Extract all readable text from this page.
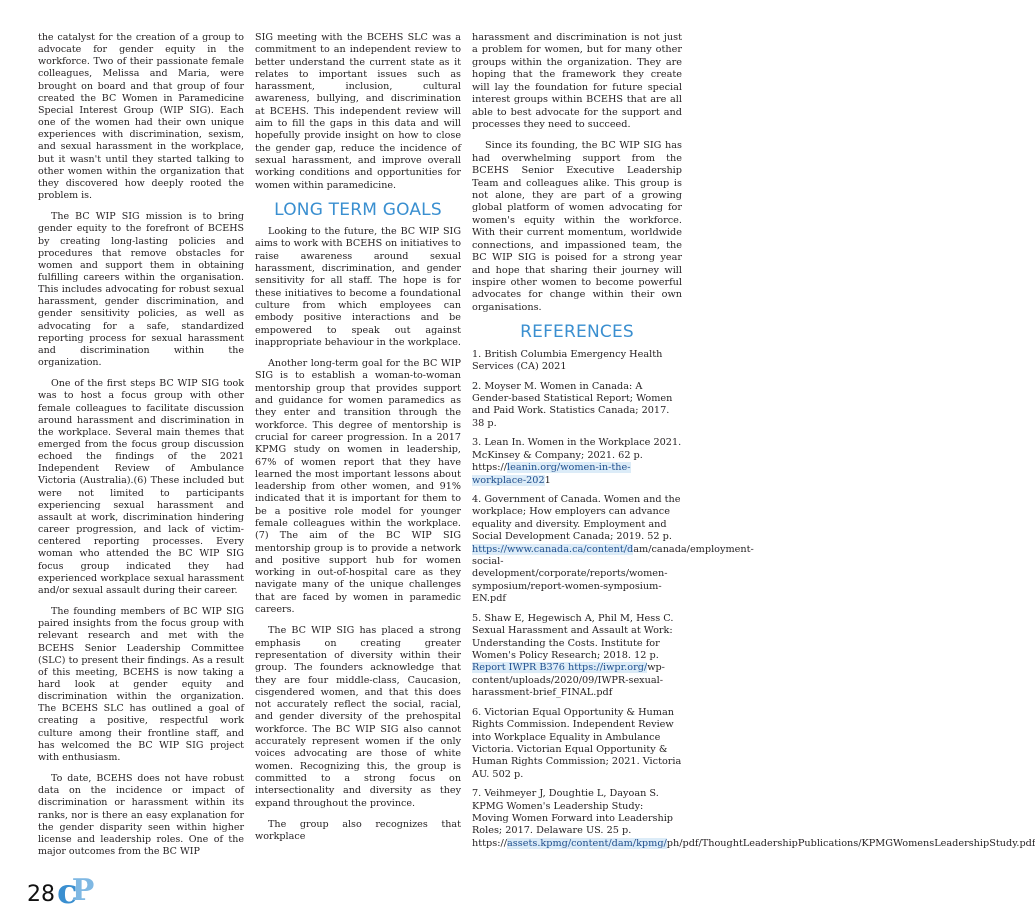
the catalyst for the creation of a group to advocate for gender equity in the workforce. Two of their passionate female colleagues, Melissa and Maria, were brought on board and that group of four created the BC Women in Paramedicine Special Interest Group (WIP SIG). Each one of the women had their own unique experiences with discrimination, sexism, and sexual harassment in the workplace, but it wasn't until they started talking to other women within the organization that they discovered how deeply rooted the problem is.

The BC WIP SIG mission is to bring gender equity to the forefront of BCEHS by creating long-lasting policies and procedures that remove obstacles for women and support them in obtaining fulfilling careers within the organisation. This includes advocating for robust sexual harassment, gender discrimination, and gender sensitivity policies, as well as advocating for a safe, standardized reporting process for sexual harassment and discrimination within the organization.

One of the first steps BC WIP SIG took was to host a focus group with other female colleagues to facilitate discussion around harassment and discrimination in the workplace. Several main themes that emerged from the focus group discussion echoed the findings of the 2021 Independent Review of Ambulance Victoria (Australia).(6) These included but were not limited to participants experiencing sexual harassment and assault at work, discrimination hindering career progression, and lack of victim-centered reporting processes. Every woman who attended the BC WIP SIG focus group indicated they had experienced workplace sexual harassment and/or sexual assault during their career.

The founding members of BC WIP SIG paired insights from the focus group with relevant research and met with the BCEHS Senior Leadership Committee (SLC) to present their findings. As a result of this meeting, BCEHS is now taking a hard look at gender equity and discrimination within the organization. The BCEHS SLC has outlined a goal of creating a positive, respectful work culture among their frontline staff, and has welcomed the BC WIP SIG project with enthusiasm.

To date, BCEHS does not have robust data on the incidence or impact of discrimination or harassment within its ranks, nor is there an easy explanation for the gender disparity seen within higher license and leadership roles. One of the major outcomes from the BC WIP

SIG meeting with the BCEHS SLC was a commitment to an independent review to better understand the current state as it relates to important issues such as harassment, inclusion, cultural awareness, bullying, and discrimination at BCEHS. This independent review will aim to fill the gaps in this data and will hopefully provide insight on how to close the gender gap, reduce the incidence of sexual harassment, and improve overall working conditions and opportunities for women within paramedicine.

LONG TERM GOALS

Looking to the future, the BC WIP SIG aims to work with BCEHS on initiatives to raise awareness around sexual harassment, discrimination, and gender sensitivity for all staff. The hope is for these initiatives to become a foundational culture from which employees can embody positive interactions and be empowered to speak out against inappropriate behaviour in the workplace.

Another long-term goal for the BC WIP SIG is to establish a woman-to-woman mentorship group that provides support and guidance for women paramedics as they enter and transition through the workforce. This degree of mentorship is crucial for career progression. In a 2017 KPMG study on women in leadership, 67% of women report that they have learned the most important lessons about leadership from other women, and 91% indicated that it is important for them to be a positive role model for younger female colleagues within the workplace. (7) The aim of the BC WIP SIG mentorship group is to provide a network and positive support hub for women working in out-of-hospital care as they navigate many of the unique challenges that are faced by women in paramedic careers.

The BC WIP SIG has placed a strong emphasis on creating greater representation of diversity within their group. The founders acknowledge that they are four middle-class, Caucasion, cisgendered women, and that this does not accurately reflect the social, racial, and gender diversity of the prehospital workforce. The BC WIP SIG also cannot accurately represent women if the only voices advocating are those of white women. Recognizing this, the group is committed to a strong focus on intersectionality and diversity as they expand throughout the province.

The group also recognizes that workplace

harassment and discrimination is not just a problem for women, but for many other groups within the organization. They are hoping that the framework they create will lay the foundation for future special interest groups within BCEHS that are all able to best advocate for the support and processes they need to succeed.

Since its founding, the BC WIP SIG has had overwhelming support from the BCEHS Senior Executive Leadership Team and colleagues alike. This group is not alone, they are part of a growing global platform of women advocating for women's equity within the workforce. With their current momentum, worldwide connections, and impassioned team, the BC WIP SIG is poised for a strong year and hope that sharing their journey will inspire other women to become powerful advocates for change within their own organisations.

REFERENCES
1. British Columbia Emergency Health Services (CA) 2021
2. Moyser M. Women in Canada: A Gender-based Statistical Report; Women and Paid Work. Statistics Canada; 2017. 38 p.
3. Lean In. Women in the Workplace 2021. McKinsey & Company; 2021. 62 p. https://leanin.org/women-in-the-workplace-2021
4. Government of Canada. Women and the workplace; How employers can advance equality and diversity. Employment and Social Development Canada; 2019. 52 p. https://www.canada.ca/content/dam/canada/employment-social-development/corporate/reports/women-symposium/report-women-symposium-EN.pdf
5. Shaw E, Hegewisch A, Phil M, Hess C. Sexual Harassment and Assault at Work: Understanding the Costs. Institute for Women's Policy Research; 2018. 12 p. Report IWPR B376 https://iwpr.org/wp-content/uploads/2020/09/IWPR-sexual-harassment-brief_FINAL.pdf
6. Victorian Equal Opportunity & Human Rights Commission. Independent Review into Workplace Equality in Ambulance Victoria. Victorian Equal Opportunity & Human Rights Commission; 2021. Victoria AU. 502 p.
7. Veihmeyer J, Doughtie L, Dayoan S. KPMG Women's Leadership Study: Moving Women Forward into Leadership Roles; 2017. Delaware US. 25 p. https://assets.kpmg/content/dam/kpmg/ph/pdf/ThoughtLeadershipPublications/KPMGWomensLeadershipStudy.pdf
28 cP
